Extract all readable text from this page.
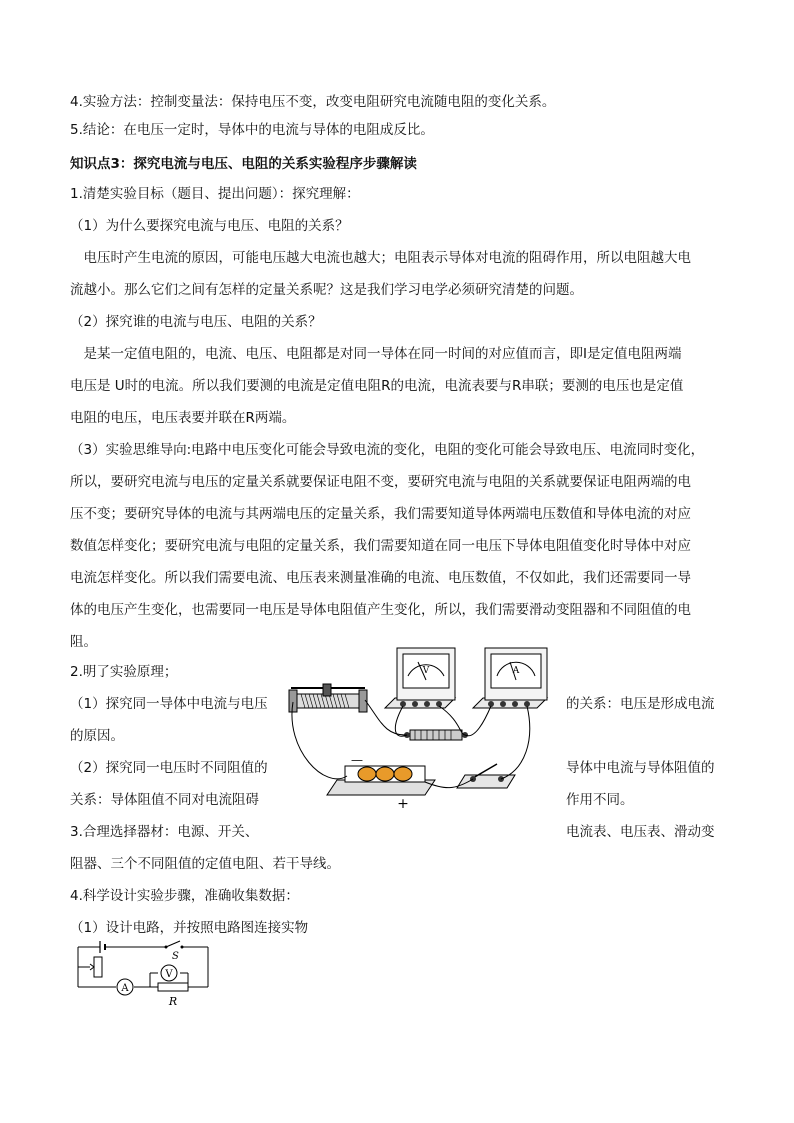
4.实验方法：控制变量法：保持电压不变，改变电阻研究电流随电阻的变化关系。
5.结论：在电压一定时，导体中的电流与导体的电阻成反比。
知识点3：探究电流与电压、电阻的关系实验程序步骤解读
1.清楚实验目标（题目、提出问题）：探究理解：
（1）为什么要探究电流与电压、电阻的关系？
　电压时产生电流的原因，可能电压越大电流也越大；电阻表示导体对电流的阻碍作用，所以电阻越大电
流越小。那么它们之间有怎样的定量关系呢？这是我们学习电学必须研究清楚的问题。
（2）探究谁的电流与电压、电阻的关系？
　是某一定值电阻的，电流、电压、电阻都是对同一导体在同一时间的对应值而言，即I是定值电阻两端
电压是 U时的电流。所以我们要测的电流是定值电阻R的电流，电流表要与R串联；要测的电压也是定值
电阻的电压，电压表要并联在R两端。
（3）实验思维导向:电路中电压变化可能会导致电流的变化，电阻的变化可能会导致电压、电流同时变化，
所以，要研究电流与电压的定量关系就要保证电阻不变，要研究电流与电阻的关系就要保证电阻两端的电
压不变；要研究导体的电流与其两端电压的定量关系，我们需要知道导体两端电压数值和导体电流的对应
数值怎样变化；要研究电流与电阻的定量关系，我们需要知道在同一电压下导体电阻值变化时导体中对应
电流怎样变化。所以我们需要电流、电压表来测量准确的电流、电压数值，不仅如此，我们还需要同一导
体的电压产生变化，也需要同一电压是导体电阻值产生变化，所以，我们需要滑动变阻器和不同阻值的电
阻。
2.明了实验原理；
（1）探究同一导体中电流与电压	的关系：电压是形成电流
的原因。
（2）探究同一电压时不同阻值的	导体中电流与导体阻值的
关系：导体阻值不同对电流阻碍	作用不同。
3.合理选择器材：电源、开关、	电流表、电压表、滑动变
阻器、三个不同阻值的定值电阻、若干导线。
4.科学设计实验步骤，准确收集数据：
（1）设计电路，并按照电路图连接实物
V	A
—
+
A
V
S
R
